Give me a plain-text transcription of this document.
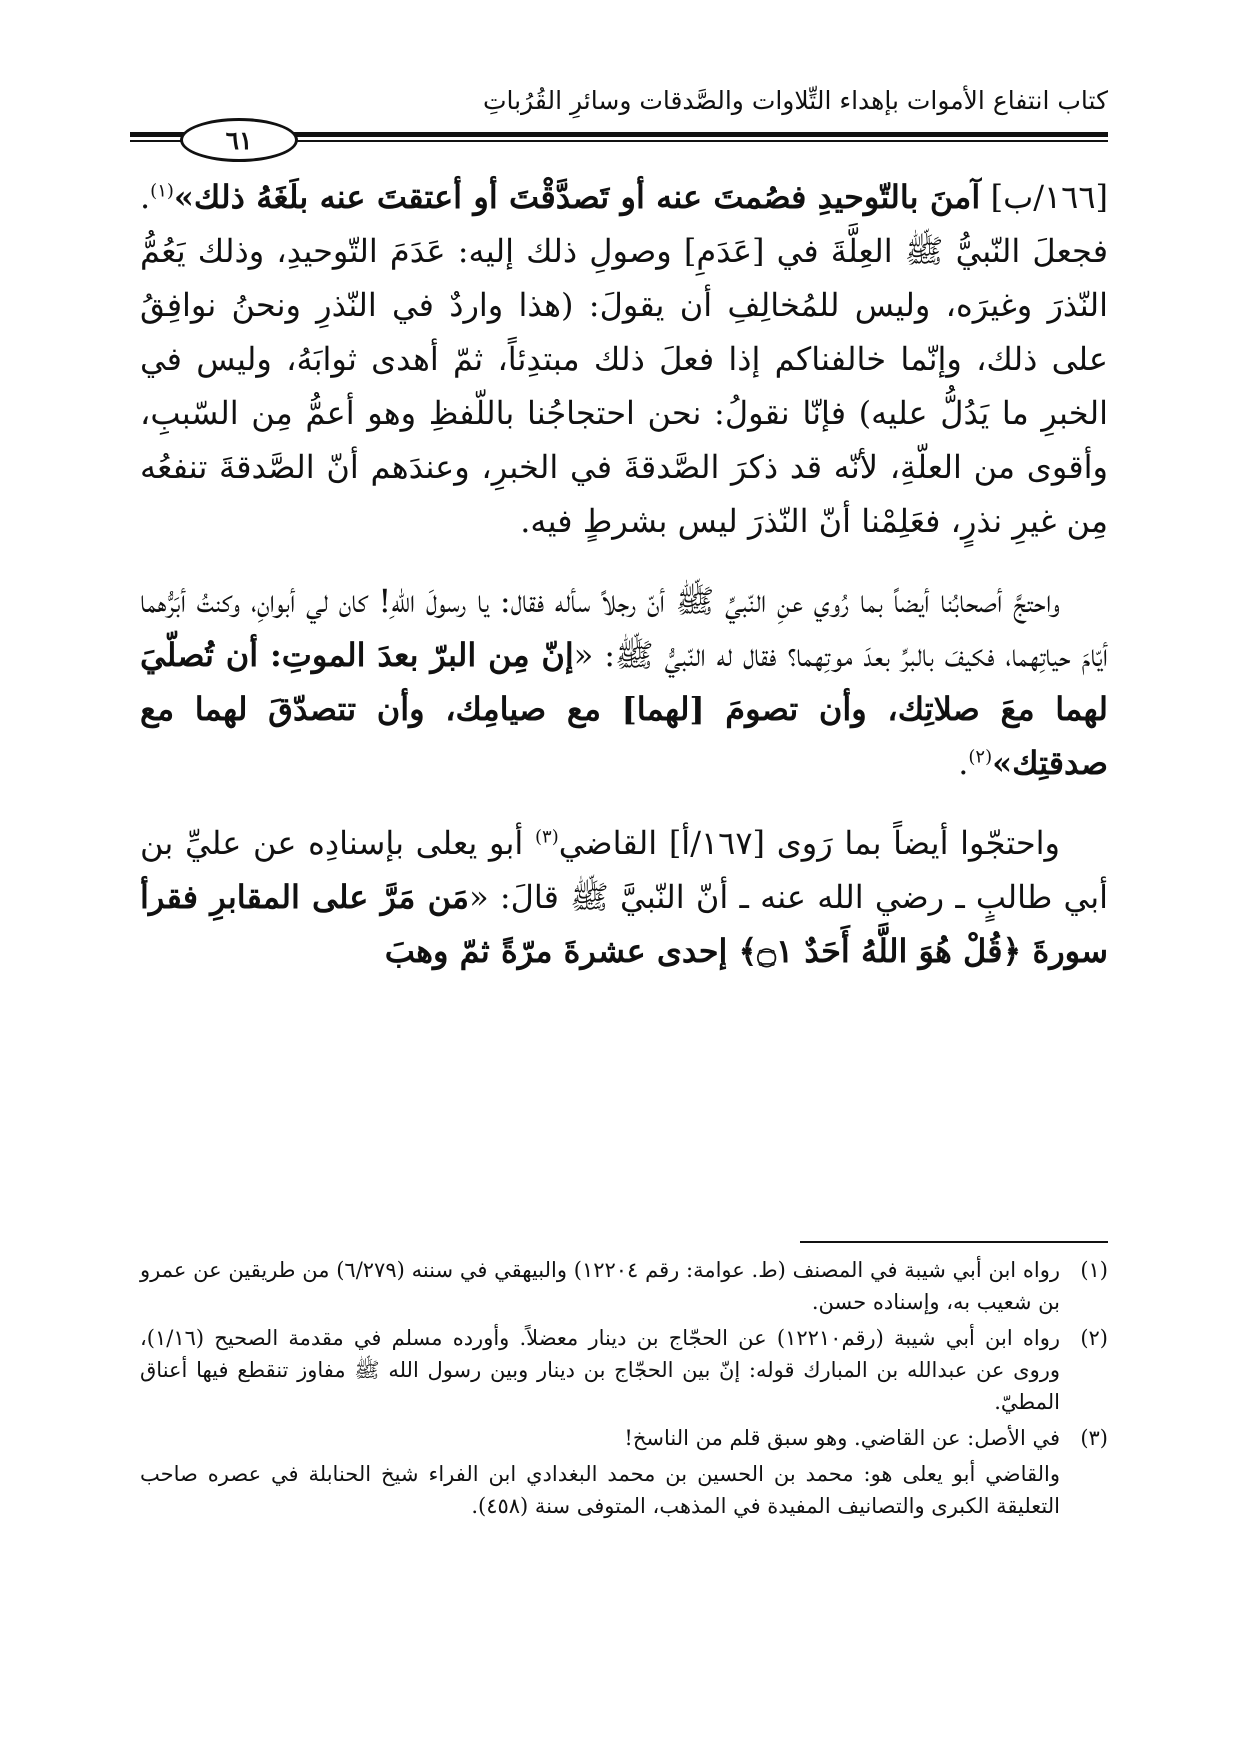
كتاب انتفاع الأموات بإهداء التِّلاوات والصَّدقات وسائرِ القُرُباتِ
٦١

[١٦٦/ب] آمنَ بالتّوحيدِ فصُمتَ عنه أو تَصدَّقْتَ أو أعتقتَ عنه بلَغَهُ ذلك»$^{(١)}$. فجعلَ النّبيُّ ﷺ العِلَّةَ في [عَدَمِ] وصولِ ذلك إليه: عَدَمَ التّوحيدِ، وذلك يَعُمُّ النّذرَ وغيرَه، وليس للمُخالِفِ أن يقولَ: (هذا واردٌ في النّذرِ ونحنُ نوافِقُ على ذلك، وإنّما خالفناكم إذا فعلَ ذلك مبتدِئاً، ثمّ أهدى ثوابَهُ، وليس في الخبرِ ما يَدُلُّ عليه) فإنّا نقولُ: نحن احتجاجُنا باللّفظِ وهو أعمُّ مِن السّببِ، وأقوى من العلّةِ، لأنّه قد ذكرَ الصَّدقةَ في الخبرِ، وعندَهم أنّ الصَّدقةَ تنفعُه مِن غيرِ نذرٍ، فعَلِمْنا أنّ النّذرَ ليس بشرطٍ فيه.

واحتجَّ أصحابُنا أيضاً بما رُوي عنِ النّبيِّ ﷺ أنّ رجلاً سأله فقال: يا رسولَ اللّهِ! كان لي أبوانِ، وكنتُ أبَرُّهما أيّامَ حياتِهما، فكيفَ بالبرِّ بعدَ موتِهما؟ فقال له النّبيُّ ﷺ: «إنّ مِن البرّ بعدَ الموتِ: أن تُصلّيَ لهما معَ صلاتِك، وأن تصومَ [لهما] مع صيامِك، وأن تتصدّقَ لهما مع صدقتِك»$^{(٢)}$.

واحتجّوا أيضاً بما رَوى [١٦٧/أ] القاضي$^{(٣)}$ أبو يعلى بإسنادِه عن عليِّ بن أبي طالبٍ ـ رضي الله عنه ـ أنّ النّبيَّ ﷺ قالَ: «مَن مَرَّ على المقابرِ فقرأ سورةَ ﴿قُلْ هُوَ اللَّهُ أَحَدٌ ۝١﴾ إحدى عشرةَ مرّةً ثمّ وهبَ

(١)
رواه ابن أبي شيبة في المصنف (ط. عوامة: رقم ١٢٢٠٤) والبيهقي في سننه (٦/٢٧٩) من طريقين عن عمرو بن شعيب به، وإسناده حسن.
(٢)
رواه ابن أبي شيبة (رقم١٢٢١٠) عن الحجّاج بن دينار معضلاً. وأورده مسلم في مقدمة الصحيح (١/١٦)، وروى عن عبدالله بن المبارك قوله: إنّ بين الحجّاج بن دينار وبين رسول الله ﷺ مفاوز تنقطع فيها أعناق المطيّ.
(٣)
في الأصل: عن القاضي. وهو سبق قلم من الناسخ!
والقاضي أبو يعلى هو: محمد بن الحسين بن محمد البغدادي ابن الفراء شيخ الحنابلة في عصره صاحب التعليقة الكبرى والتصانيف المفيدة في المذهب، المتوفى سنة (٤٥٨).
